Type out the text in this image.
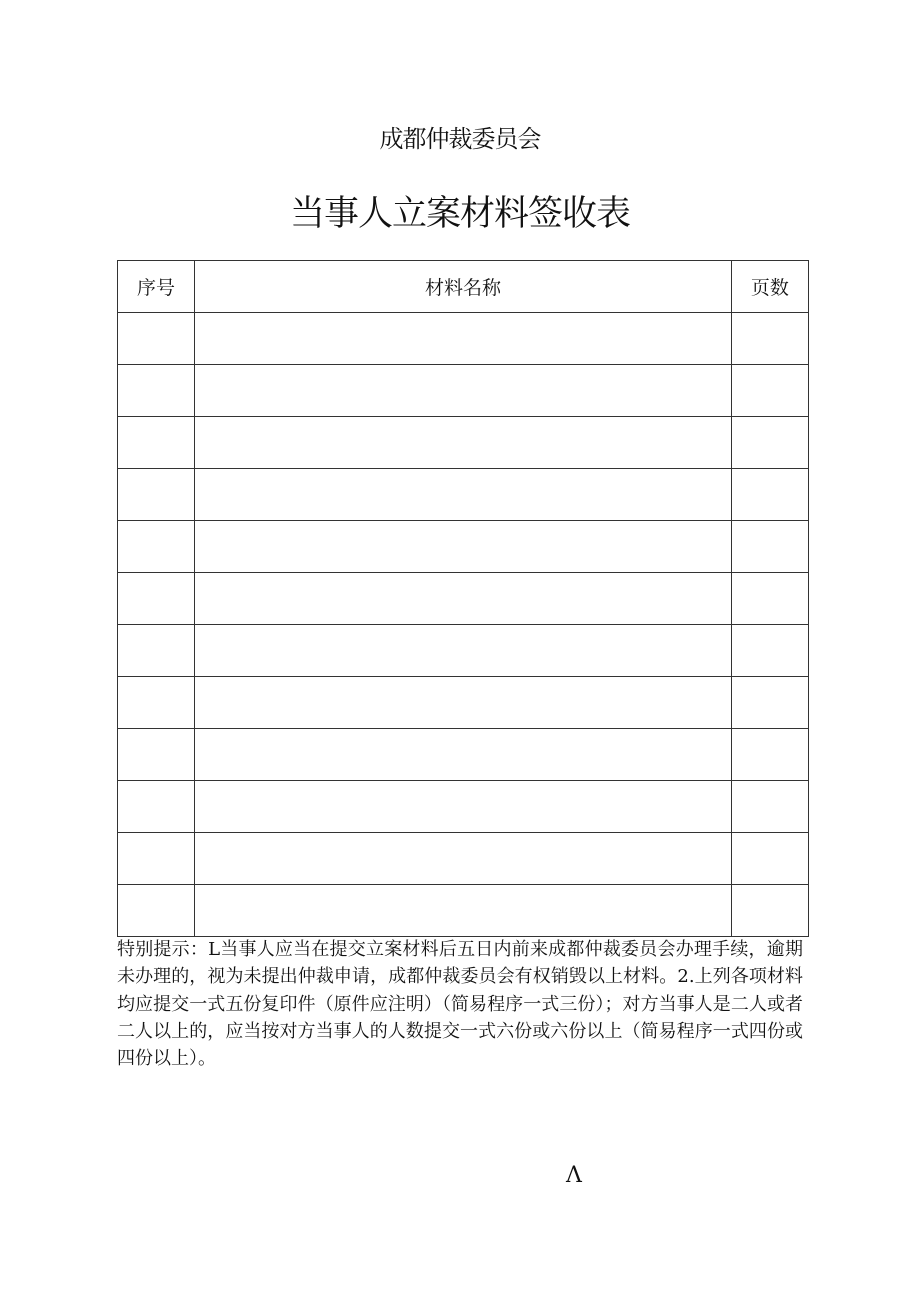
成都仲裁委员会
当事人立案材料签收表
序号	材料名称	页数

特别提示：L当事人应当在提交立案材料后五日内前来成都仲裁委员会办理手续，逾期未办理的，视为未提出仲裁申请，成都仲裁委员会有权销毁以上材料。2.上列各项材料均应提交一式五份复印件（原件应注明）（简易程序一式三份）；对方当事人是二人或者二人以上的，应当按对方当事人的人数提交一式六份或六份以上（简易程序一式四份或四份以上）。
Λ
